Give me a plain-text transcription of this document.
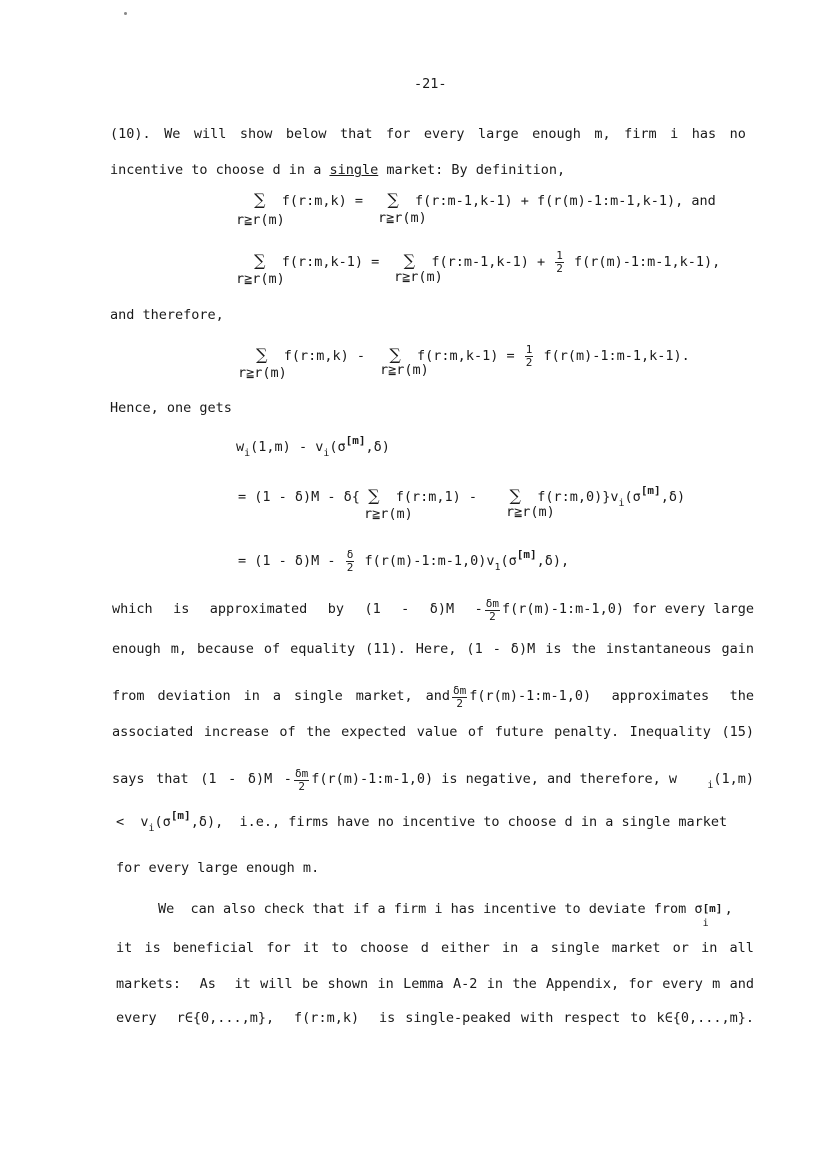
-21-
(10). We will show below that for every large enough m, firm i has no
incentive to choose d in a single market: By definition,
∑ f(r:m,k) = ∑ f(r:m-1,k-1) + f(r(m)-1:m-1,k-1), and
r≧r(m)	r≧r(m)
∑ f(r:m,k-1) = ∑ f(r:m-1,k-1) + $\frac{1}{2}$ f(r(m)-1:m-1,k-1),
r≧r(m)	r≧r(m)
and therefore,
∑ f(r:m,k) - ∑ f(r:m,k-1) = $\frac{1}{2}$ f(r(m)-1:m-1,k-1).
r≧r(m)	r≧r(m)
Hence, one gets
$w_i(1,m) - v_i(\sigma[m],\delta)$
= (1 - δ)M - δ{ ∑ f(r:m,1) - ∑ $f(r:m,0)\}v_i(\sigma[m],\delta)$
r≧r(m)	r≧r(m)
= $(1 - \delta)M - \frac{\delta}{2}$ $f(r(m)-1:m-1,0)v_1(\sigma[m],\delta)$,
which is approximated by $(1 - \delta)M - \frac{\delta m}{2}$ f(r(m)-1:m-1,0) for every large
enough m, because of equality (11). Here, (1 - δ)M is the instantaneous gain
from deviation in a single market, and $\frac{\delta m}{2}$ f(r(m)-1:m-1,0) approximates the
associated increase of the expected value of future penalty. Inequality (15)
says that $(1 - \delta)M - \frac{\delta m}{2}$ f(r(m)-1:m-1,0) is negative, and therefore, w	$_i$(1,m)
<  $v_i(\sigma[m],\delta)$,  i.e., firms have no incentive to choose d in a single market
for every large enough m.
We  can also check that if a firm i has incentive to deviate from σ [m]
i
,
it is beneficial for it to choose d either in a single market or in all
markets:  As  it will be shown in Lemma A-2 in the Appendix, for every m and
every  r∈{0,...,m},  f(r:m,k)  is single-peaked with respect to k∈{0,...,m}.
